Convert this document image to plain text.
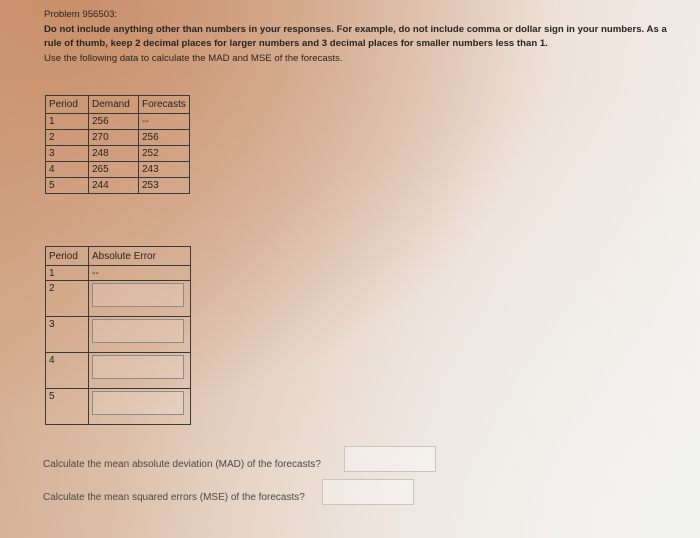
Problem 956503:
Do not include anything other than numbers in your responses. For example, do not include comma or dollar sign in your numbers. As a
rule of thumb, keep 2 decimal places for larger numbers and 3 decimal places for smaller numbers less than 1.
Use the following data to calculate the MAD and MSE of the forecasts.
Period	Demand	Forecasts
1	256	--
2	270	256
3	248	252
4	265	243
5	244	253
Period	Absolute Error
1	--
2	

3	

4	

5	
Calculate the mean absolute deviation (MAD) of the forecasts?
Calculate the mean squared errors (MSE) of the forecasts?
